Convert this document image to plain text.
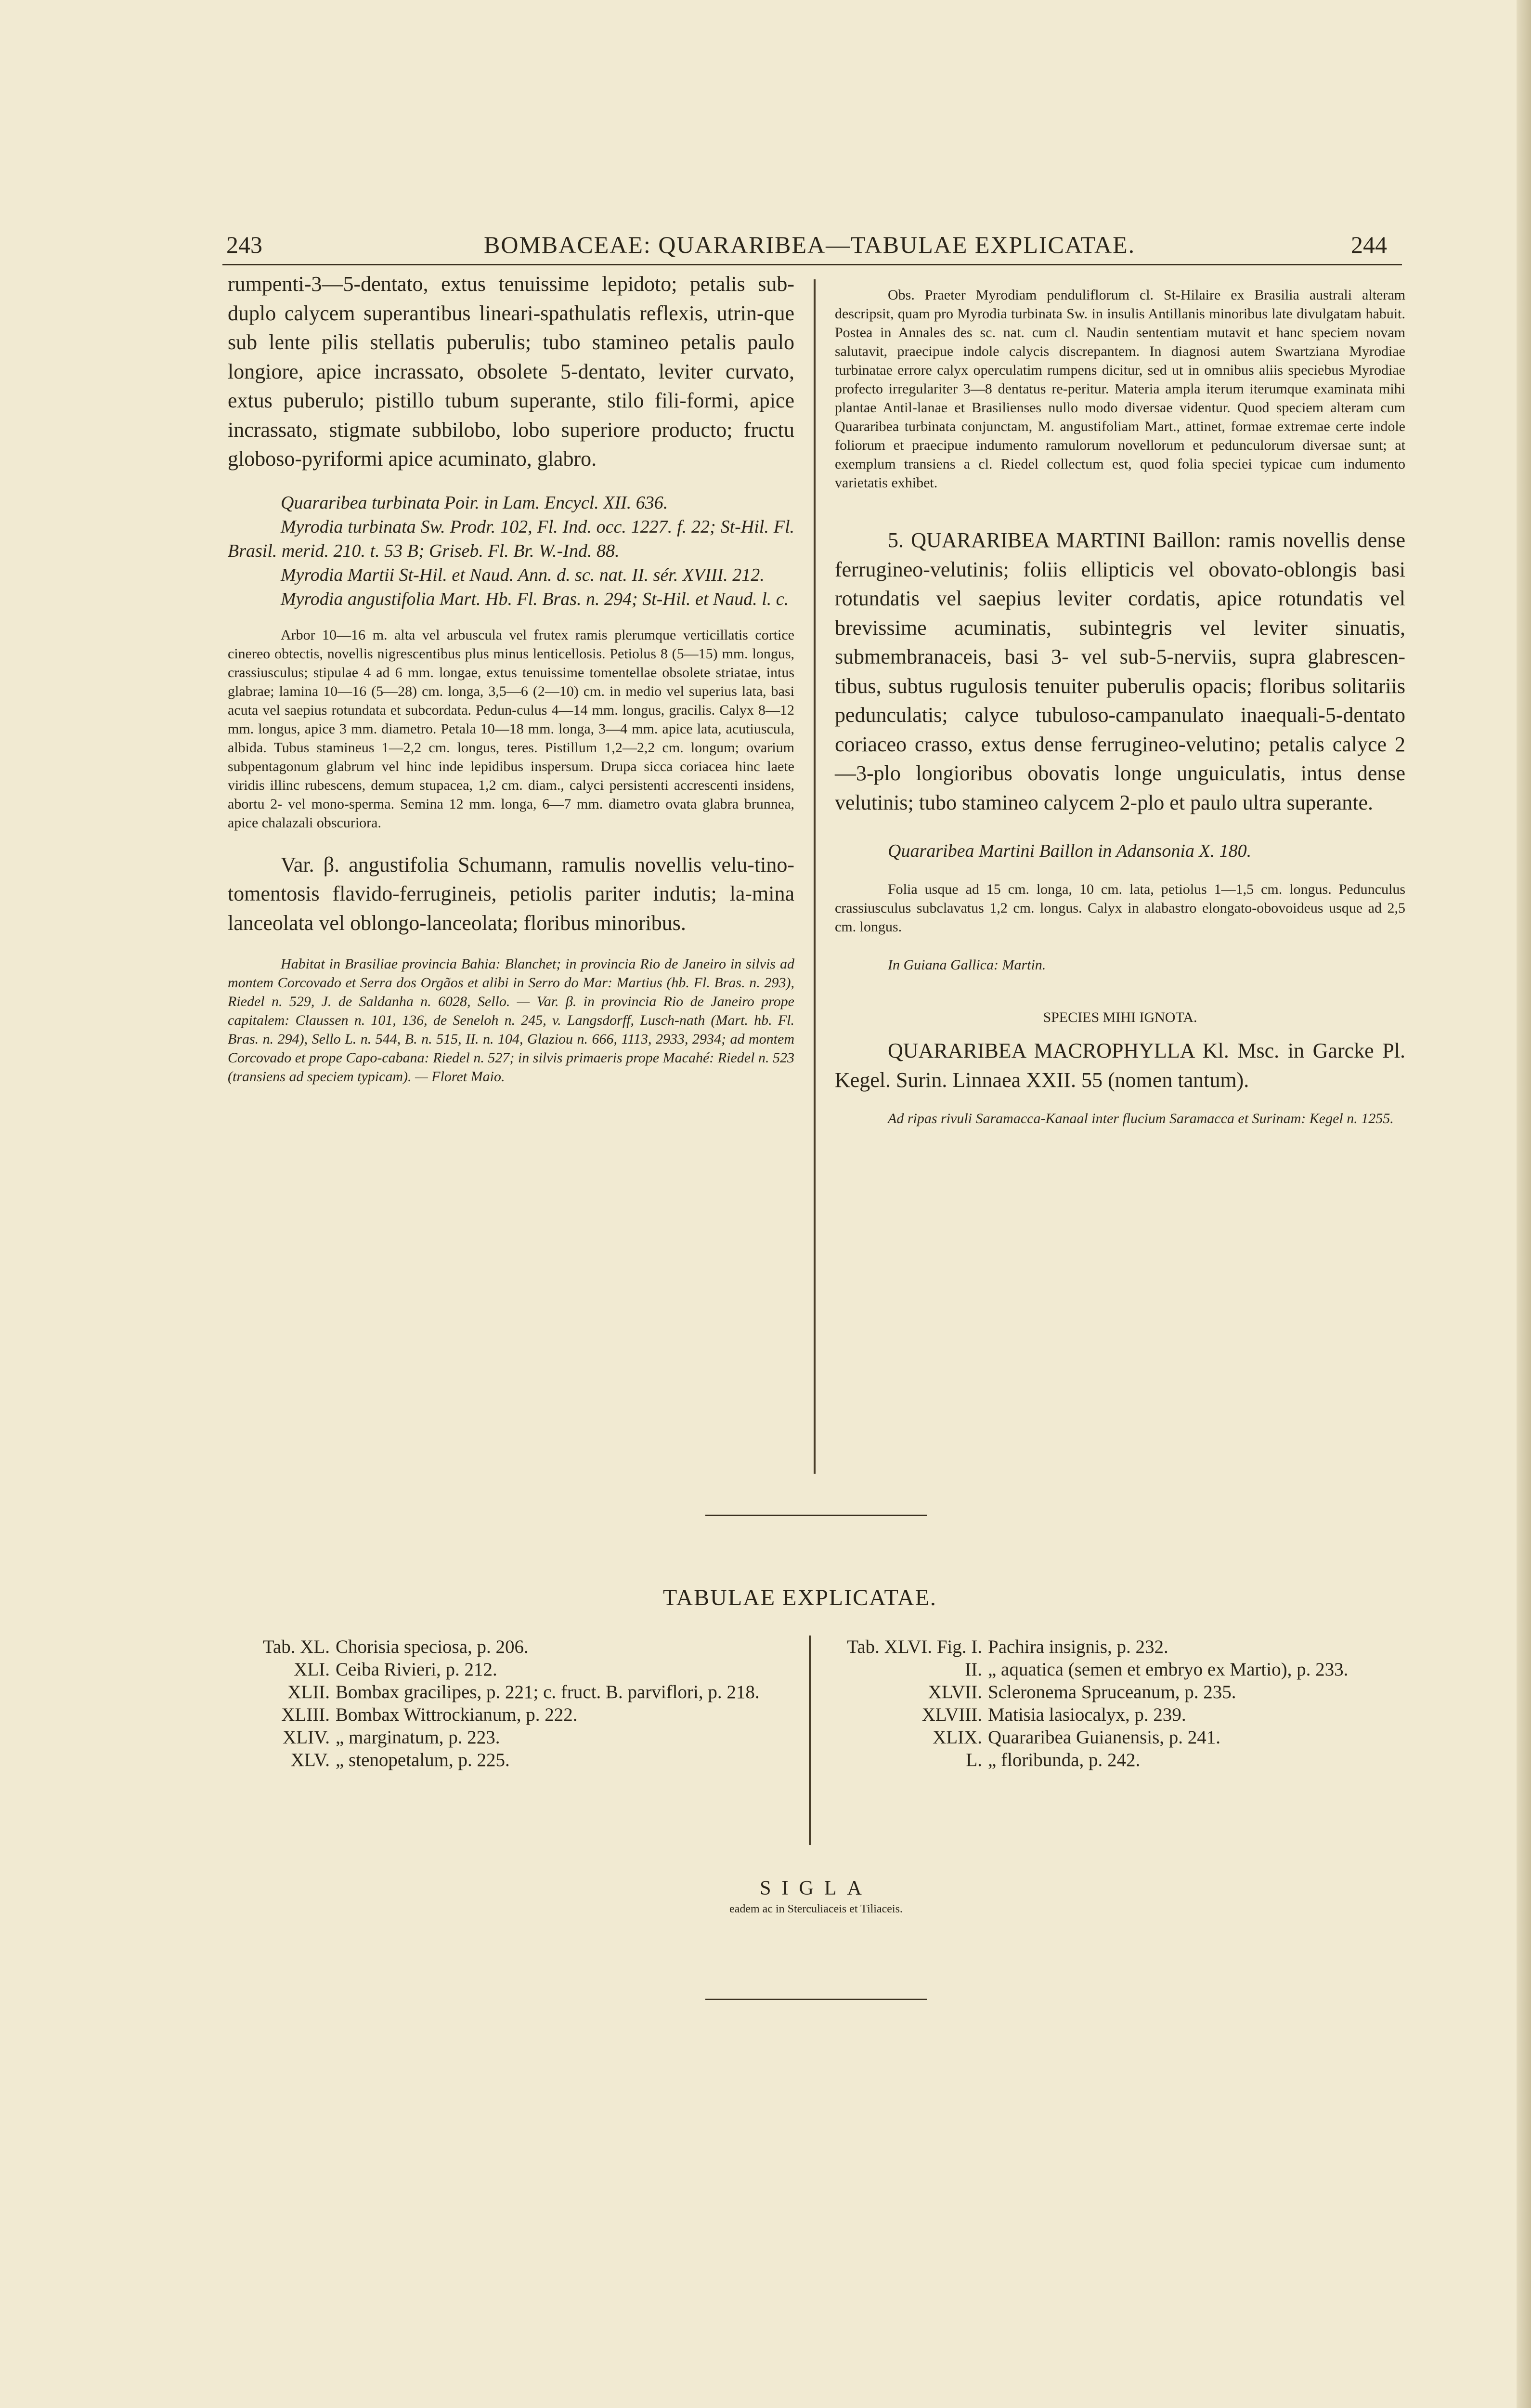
243	BOMBACEAE: QUARARIBEA—TABULAE EXPLICATAE.	244

rumpenti-3—5-dentato, extus tenuissime lepidoto; petalis sub-duplo calycem superantibus lineari-spathulatis reflexis, utrin-que sub lente pilis stellatis puberulis; tubo stamineo petalis paulo longiore, apice incrassato, obsolete 5-dentato, leviter curvato, extus puberulo; pistillo tubum superante, stilo fili-formi, apice incrassato, stigmate subbilobo, lobo superiore producto; fructu globoso-pyriformi apice acuminato, glabro.

Quararibea turbinata Poir. in Lam. Encycl. XII. 636.

Myrodia turbinata Sw. Prodr. 102, Fl. Ind. occ. 1227. f. 22; St-Hil. Fl. Brasil. merid. 210. t. 53 B; Griseb. Fl. Br. W.-Ind. 88.

Myrodia Martii St-Hil. et Naud. Ann. d. sc. nat. II. sér. XVIII. 212.

Myrodia angustifolia Mart. Hb. Fl. Bras. n. 294; St-Hil. et Naud. l. c.

Arbor 10—16 m. alta vel arbuscula vel frutex ramis plerumque verticillatis cortice cinereo obtectis, novellis nigrescentibus plus minus lenticellosis. Petiolus 8 (5—15) mm. longus, crassiusculus; stipulae 4 ad 6 mm. longae, extus tenuissime tomentellae obsolete striatae, intus glabrae; lamina 10—16 (5—28) cm. longa, 3,5—6 (2—10) cm. in medio vel superius lata, basi acuta vel saepius rotundata et subcordata. Pedun-culus 4—14 mm. longus, gracilis. Calyx 8—12 mm. longus, apice 3 mm. diametro. Petala 10—18 mm. longa, 3—4 mm. apice lata, acutiuscula, albida. Tubus stamineus 1—2,2 cm. longus, teres. Pistillum 1,2—2,2 cm. longum; ovarium subpentagonum glabrum vel hinc inde lepidibus inspersum. Drupa sicca coriacea hinc laete viridis illinc rubescens, demum stupacea, 1,2 cm. diam., calyci persistenti accrescenti insidens, abortu 2- vel mono-sperma. Semina 12 mm. longa, 6—7 mm. diametro ovata glabra brunnea, apice chalazali obscuriora.

Var. β. angustifolia Schumann, ramulis novellis velu-tino-tomentosis flavido-ferrugineis, petiolis pariter indutis; la-mina lanceolata vel oblongo-lanceolata; floribus minoribus.

Habitat in Brasiliae provincia Bahia: Blanchet; in provincia Rio de Janeiro in silvis ad montem Corcovado et Serra dos Orgãos et alibi in Serro do Mar: Martius (hb. Fl. Bras. n. 293), Riedel n. 529, J. de Saldanha n. 6028, Sello. — Var. β. in provincia Rio de Janeiro prope capitalem: Claussen n. 101, 136, de Seneloh n. 245, v. Langsdorff, Lusch-nath (Mart. hb. Fl. Bras. n. 294), Sello L. n. 544, B. n. 515, II. n. 104, Glaziou n. 666, 1113, 2933, 2934; ad montem Corcovado et prope Capo-cabana: Riedel n. 527; in silvis primaeris prope Macahé: Riedel n. 523 (transiens ad speciem typicam). — Floret Maio.

Obs. Praeter Myrodiam penduliflorum cl. St-Hilaire ex Brasilia australi alteram descripsit, quam pro Myrodia turbinata Sw. in insulis Antillanis minoribus late divulgatam habuit. Postea in Annales des sc. nat. cum cl. Naudin sententiam mutavit et hanc speciem novam salutavit, praecipue indole calycis discrepantem. In diagnosi autem Swartziana Myrodiae turbinatae errore calyx operculatim rumpens dicitur, sed ut in omnibus aliis speciebus Myrodiae profecto irregulariter 3—8 dentatus re-peritur. Materia ampla iterum iterumque examinata mihi plantae Antil-lanae et Brasilienses nullo modo diversae videntur. Quod speciem alteram cum Quararibea turbinata conjunctam, M. angustifoliam Mart., attinet, formae extremae certe indole foliorum et praecipue indumento ramulorum novellorum et pedunculorum diversae sunt; at exemplum transiens a cl. Riedel collectum est, quod folia speciei typicae cum indumento varietatis exhibet.

5. QUARARIBEA MARTINI Baillon: ramis novellis dense ferrugineo-velutinis; foliis ellipticis vel obovato-oblongis basi rotundatis vel saepius leviter cordatis, apice rotundatis vel brevissime acuminatis, subintegris vel leviter sinuatis, submembranaceis, basi 3- vel sub-5-nerviis, supra glabrescen-tibus, subtus rugulosis tenuiter puberulis opacis; floribus solitariis pedunculatis; calyce tubuloso-campanulato inaequali-5-dentato coriaceo crasso, extus dense ferrugineo-velutino; petalis calyce 2—3-plo longioribus obovatis longe unguiculatis, intus dense velutinis; tubo stamineo calycem 2-plo et paulo ultra superante.

Quararibea Martini Baillon in Adansonia X. 180.

Folia usque ad 15 cm. longa, 10 cm. lata, petiolus 1—1,5 cm. longus. Pedunculus crassiusculus subclavatus 1,2 cm. longus. Calyx in alabastro elongato-obovoideus usque ad 2,5 cm. longus.

In Guiana Gallica: Martin.

SPECIES MIHI IGNOTA.

QUARARIBEA MACROPHYLLA Kl. Msc. in Garcke Pl. Kegel. Surin. Linnaea XXII. 55 (nomen tantum).

Ad ripas rivuli Saramacca-Kanaal inter flucium Saramacca et Surinam: Kegel n. 1255.

TABULAE EXPLICATAE.
Tab. XL. Chorisia speciosa, p. 206.
XLI. Ceiba Rivieri, p. 212.
XLII. Bombax gracilipes, p. 221; c. fruct. B. parviflori, p. 218.
XLIII. Bombax Wittrockianum, p. 222.
XLIV. „ marginatum, p. 223.
XLV. „ stenopetalum, p. 225.
Tab. XLVI. Fig. I. Pachira insignis, p. 232.
II. „ aquatica (semen et embryo ex Martio), p. 233.
XLVII. Scleronema Spruceanum, p. 235.
XLVIII. Matisia lasiocalyx, p. 239.
XLIX. Quararibea Guianensis, p. 241.
L. „ floribunda, p. 242.
SIGLA
eadem ac in Sterculiaceis et Tiliaceis.
